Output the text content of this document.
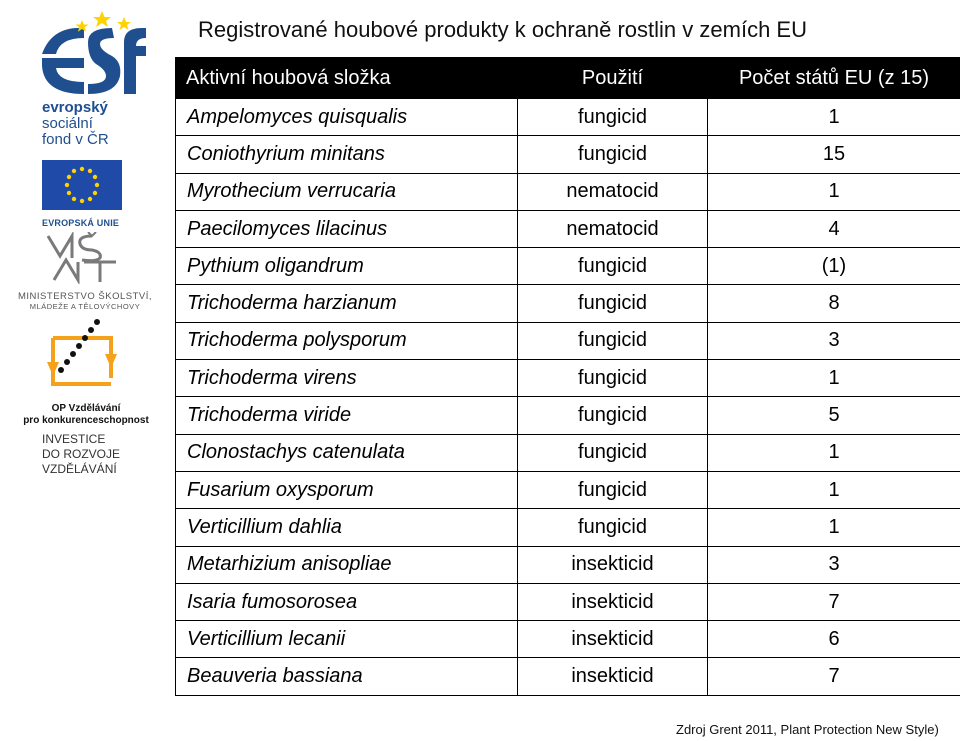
evropský
sociální
fond v ČR
EVROPSKÁ UNIE
MINISTERSTVO ŠKOLSTVÍ,
MLÁDEŽE A TĚLOVÝCHOVY
OP Vzdělávání
pro konkurenceschopnost
INVESTICE
DO ROZVOJE
VZDĚLÁVÁNÍ
Registrované houbové produkty k ochraně rostlin v zemích EU
Aktivní houbová složka	Použití	Počet států EU (z 15)
Ampelomyces quisqualis	fungicid	1
Coniothyrium minitans	fungicid	15
Myrothecium verrucaria	nematocid	1
Paecilomyces lilacinus	nematocid	4
Pythium oligandrum	fungicid	(1)
Trichoderma harzianum	fungicid	8
Trichoderma polysporum	fungicid	3
Trichoderma virens	fungicid	1
Trichoderma viride	fungicid	5
Clonostachys catenulata	fungicid	1
Fusarium oxysporum	fungicid	1
Verticillium dahlia	fungicid	1
Metarhizium anisopliae	insekticid	3
Isaria fumosorosea	insekticid	7
Verticillium lecanii	insekticid	6
Beauveria bassiana	insekticid	7
Zdroj Grent 2011, Plant Protection New Style)
